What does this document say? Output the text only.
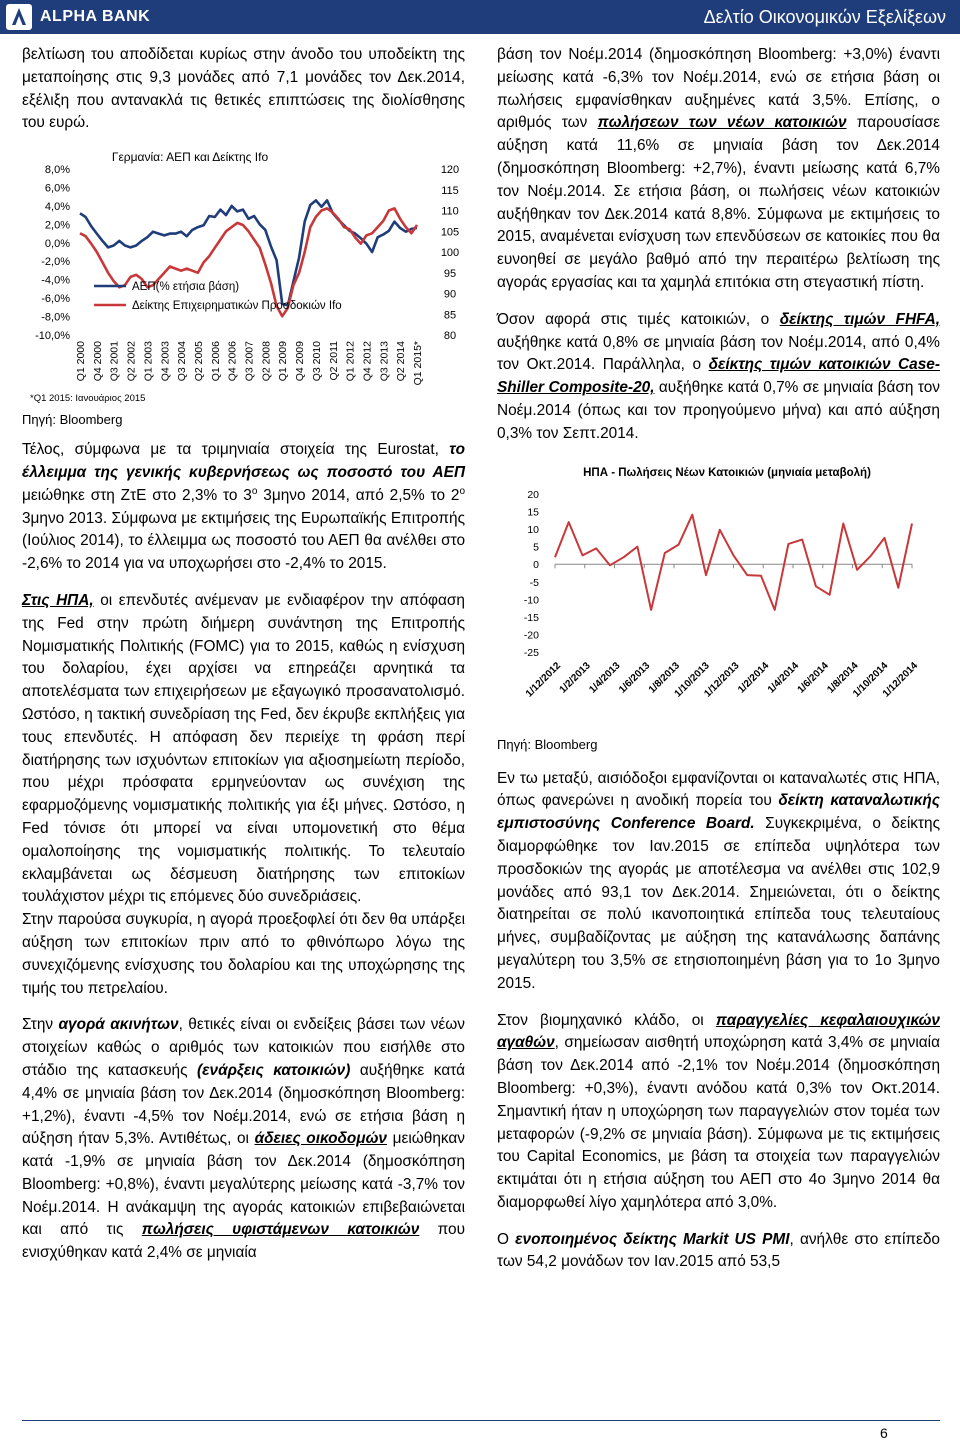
ALPHA BANK	Δελτίο Οικονομικών Εξελίξεων

βελτίωση του αποδίδεται κυρίως στην άνοδο του υποδείκτη της μεταποίησης στις 9,3 μονάδες από 7,1 μονάδες τον Δεκ.2014, εξέλιξη που αντανακλά τις θετικές επιπτώσεις της διολίσθησης του ευρώ.

Γερμανία: ΑΕΠ και Δείκτης Ifo
8,0%
6,0%
4,0%
2,0%
0,0%
-2,0%
-4,0%
-6,0%
-8,0%
-10,0%
120
115
110
105
100
95
90
85
80
ΑΕΠ(% ετήσια βάση)
Δείκτης Επιχειρηματικών Προσδοκιών Ifo
Q1 2000 Q4 2000 Q3 2001 Q2 2002 Q1 2003 Q4 2003 Q3 2004 Q2 2005 Q1 2006 Q4 2006 Q3 2007 Q2 2008 Q1 2009 Q4 2009 Q3 2010 Q2 2011 Q1 2012 Q4 2012 Q3 2013 Q2 2014 Q1 2015*
*Q1 2015: Ιανουάριος 2015
Πηγή: Bloomberg

Τέλος, σύμφωνα με τα τριμηνιαία στοιχεία της Eurostat, το έλλειμμα της γενικής κυβερνήσεως ως ποσοστό του ΑΕΠ μειώθηκε στη ΖτΕ στο 2,3% το $3^o$ 3μηνο 2014, από 2,5% το $2^o$ 3μηνο 2013. Σύμφωνα με εκτιμήσεις της Ευρωπαϊκής Επιτροπής (Ιούλιος 2014), το έλλειμμα ως ποσοστό του ΑΕΠ θα ανέλθει στο -2,6% το 2014 για να υποχωρήσει στο -2,4% το 2015.

Στις ΗΠΑ, οι επενδυτές ανέμεναν με ενδιαφέρον την απόφαση της Fed στην πρώτη διήμερη συνάντηση της Επιτροπής Νομισματικής Πολιτικής (FOMC) για το 2015, καθώς η ενίσχυση του δολαρίου, έχει αρχίσει να επηρεάζει αρνητικά τα αποτελέσματα των επιχειρήσεων με εξαγωγικό προσανατολισμό. Ωστόσο, η τακτική συνεδρίαση της Fed, δεν έκρυβε εκπλήξεις για τους επενδυτές. Η απόφαση δεν περιείχε τη φράση περί διατήρησης των ισχυόντων επιτοκίων για αξιοσημείωτη περίοδο, που μέχρι πρόσφατα ερμηνεύονταν ως συνέχιση της εφαρμοζόμενης νομισματικής πολιτικής για έξι μήνες. Ωστόσο, η Fed τόνισε ότι μπορεί να είναι υπομονετική στο θέμα ομαλοποίησης της νομισματικής πολιτικής. Το τελευταίο εκλαμβάνεται ως δέσμευση διατήρησης των επιτοκίων τουλάχιστον μέχρι τις επόμενες δύο συνεδριάσεις.

Στην παρούσα συγκυρία, η αγορά προεξοφλεί ότι δεν θα υπάρξει αύξηση των επιτοκίων πριν από το φθινόπωρο λόγω της συνεχιζόμενης ενίσχυσης του δολαρίου και της υποχώρησης της τιμής του πετρελαίου.

Στην αγορά ακινήτων, θετικές είναι οι ενδείξεις βάσει των νέων στοιχείων καθώς ο αριθμός των κατοικιών που εισήλθε στο στάδιο της κατασκευής (ενάρξεις κατοικιών) αυξήθηκε κατά 4,4% σε μηνιαία βάση τον Δεκ.2014 (δημοσκόπηση Bloomberg: +1,2%), έναντι -4,5% τον Νοέμ.2014, ενώ σε ετήσια βάση η αύξηση ήταν 5,3%. Αντιθέτως, οι άδειες οικοδομών μειώθηκαν κατά -1,9% σε μηνιαία βάση τον Δεκ.2014 (δημοσκόπηση Bloomberg: +0,8%), έναντι μεγαλύτερης μείωσης κατά -3,7% τον Νοέμ.2014. Η ανάκαμψη της αγοράς κατοικιών επιβεβαιώνεται και από τις πωλήσεις υφιστάμενων κατοικιών που ενισχύθηκαν κατά 2,4% σε μηνιαία

βάση τον Νοέμ.2014 (δημοσκόπηση Bloomberg: +3,0%) έναντι μείωσης κατά -6,3% τον Νοέμ.2014, ενώ σε ετήσια βάση οι πωλήσεις εμφανίσθηκαν αυξημένες κατά 3,5%. Επίσης, ο αριθμός των πωλήσεων των νέων κατοικιών παρουσίασε αύξηση κατά 11,6% σε μηνιαία βάση τον Δεκ.2014 (δημοσκόπηση Bloomberg: +2,7%), έναντι μείωσης κατά 6,7% τον Νοέμ.2014. Σε ετήσια βάση, οι πωλήσεις νέων κατοικιών αυξήθηκαν τον Δεκ.2014 κατά 8,8%. Σύμφωνα με εκτιμήσεις το 2015, αναμένεται ενίσχυση των επενδύσεων σε κατοικίες που θα ευνοηθεί σε μεγάλο βαθμό από την περαιτέρω βελτίωση της αγοράς εργασίας και τα χαμηλά επιτόκια στη στεγαστική πίστη.

Όσον αφορά στις τιμές κατοικιών, ο δείκτης τιμών FHFA, αυξήθηκε κατά 0,8% σε μηνιαία βάση τον Νοέμ.2014, από 0,4% τον Οκτ.2014. Παράλληλα, ο δείκτης τιμών κατοικιών Case-Shiller Composite-20, αυξήθηκε κατά 0,7% σε μηνιαία βάση τον Νοέμ.2014 (όπως και τον προηγούμενο μήνα) και από αύξηση 0,3% τον Σεπτ.2014.

ΗΠΑ - Πωλήσεις Νέων Κατοικιών (μηνιαία μεταβολή)
20
15
10
5
0
-5
-10
-15
-20
-25
1/12/2012
1/2/2013
1/4/2013
1/6/2013
1/8/2013
1/10/2013
1/12/2013
1/2/2014
1/4/2014
1/6/2014
1/8/2014
1/10/2014
1/12/2014
Πηγή: Bloomberg

Εν τω μεταξύ, αισιόδοξοι εμφανίζονται οι καταναλωτές στις ΗΠΑ, όπως φανερώνει η ανοδική πορεία του δείκτη καταναλωτικής εμπιστοσύνης Conference Board. Συγκεκριμένα, ο δείκτης διαμορφώθηκε τον Ιαν.2015 σε επίπεδα υψηλότερα των προσδοκιών της αγοράς με αποτέλεσμα να ανέλθει στις 102,9 μονάδες από 93,1 τον Δεκ.2014. Σημειώνεται, ότι ο δείκτης διατηρείται σε πολύ ικανοποιητικά επίπεδα τους τελευταίους μήνες, συμβαδίζοντας με αύξηση της κατανάλωσης δαπάνης μεγαλύτερη του 3,5% σε ετησιοποιημένη βάση για το 1ο 3μηνο 2015.

Στον βιομηχανικό κλάδο, οι παραγγελίες κεφαλαιουχικών αγαθών, σημείωσαν αισθητή υποχώρηση κατά 3,4% σε μηνιαία βάση τον Δεκ.2014 από -2,1% τον Νοέμ.2014 (δημοσκόπηση Bloomberg: +0,3%), έναντι ανόδου κατά 0,3% τον Οκτ.2014. Σημαντική ήταν η υποχώρηση των παραγγελιών στον τομέα των μεταφορών (-9,2% σε μηνιαία βάση). Σύμφωνα με τις εκτιμήσεις του Capital Economics, με βάση τα στοιχεία των παραγγελιών εκτιμάται ότι η ετήσια αύξηση του ΑΕΠ στο 4ο 3μηνο 2014 θα διαμορφωθεί λίγο χαμηλότερα από 3,0%.

Ο ενοποιημένος δείκτης Markit US PMI, ανήλθε στο επίπεδο των 54,2 μονάδων τον Ιαν.2015 από 53,5

6
